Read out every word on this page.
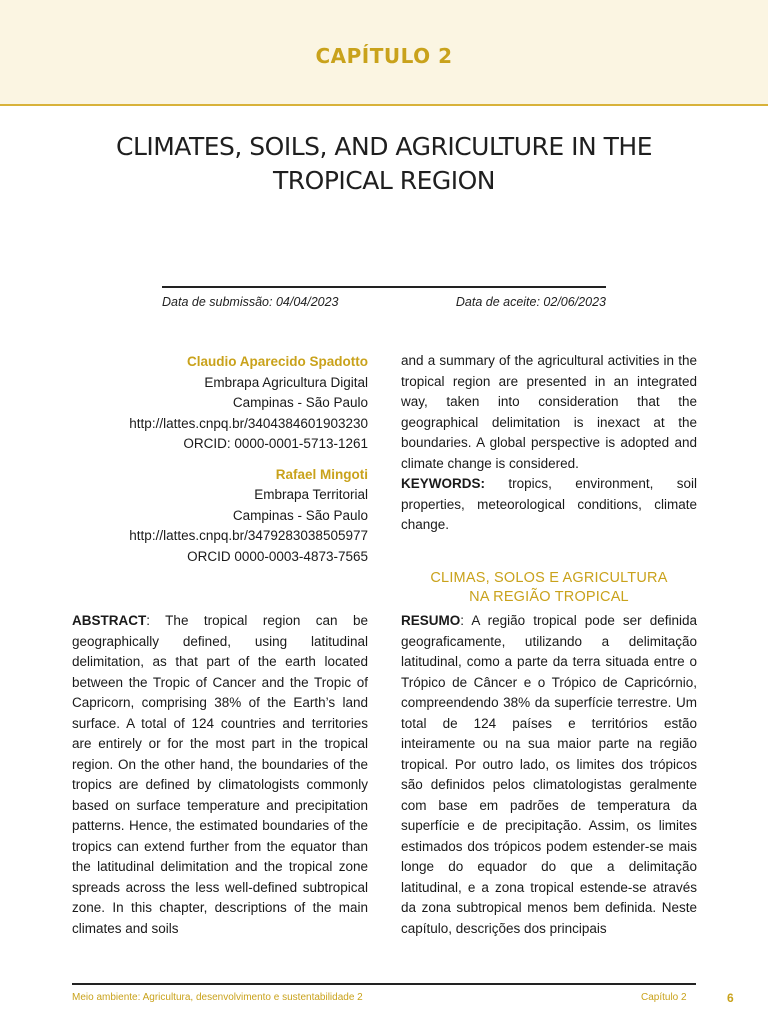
CAPÍTULO 2
CLIMATES, SOILS, AND AGRICULTURE IN THE TROPICAL REGION
Data de submissão: 04/04/2023	Data de aceite: 02/06/2023
Claudio Aparecido Spadotto
Embrapa Agricultura Digital
Campinas - São Paulo
http://lattes.cnpq.br/3404384601903230
ORCID: 0000-0001-5713-1261
Rafael Mingoti
Embrapa Territorial
Campinas - São Paulo
http://lattes.cnpq.br/3479283038505977
ORCID 0000-0003-4873-7565

ABSTRACT: The tropical region can be geographically defined, using latitudinal delimitation, as that part of the earth located between the Tropic of Cancer and the Tropic of Capricorn, comprising 38% of the Earth’s land surface. A total of 124 countries and territories are entirely or for the most part in the tropical region. On the other hand, the boundaries of the tropics are defined by climatologists commonly based on surface temperature and precipitation patterns. Hence, the estimated boundaries of the tropics can extend further from the equator than the latitudinal delimitation and the tropical zone spreads across the less well-defined subtropical zone. In this chapter, descriptions of the main climates and soils

and a summary of the agricultural activities in the tropical region are presented in an integrated way, taken into consideration that the geographical delimitation is inexact at the boundaries. A global perspective is adopted and climate change is considered.

KEYWORDS: tropics, environment, soil properties, meteorological conditions, climate change.

CLIMAS, SOLOS E AGRICULTURA
NA REGIÃO TROPICAL

RESUMO: A região tropical pode ser definida geograficamente, utilizando a delimitação latitudinal, como a parte da terra situada entre o Trópico de Câncer e o Trópico de Capricórnio, compreendendo 38% da superfície terrestre. Um total de 124 países e territórios estão inteiramente ou na sua maior parte na região tropical. Por outro lado, os limites dos trópicos são definidos pelos climatologistas geralmente com base em padrões de temperatura da superfície e de precipitação. Assim, os limites estimados dos trópicos podem estender-se mais longe do equador do que a delimitação latitudinal, e a zona tropical estende-se através da zona subtropical menos bem definida. Neste capítulo, descrições dos principais

Meio ambiente: Agricultura, desenvolvimento e sustentabilidade 2	Capítulo 2	6
